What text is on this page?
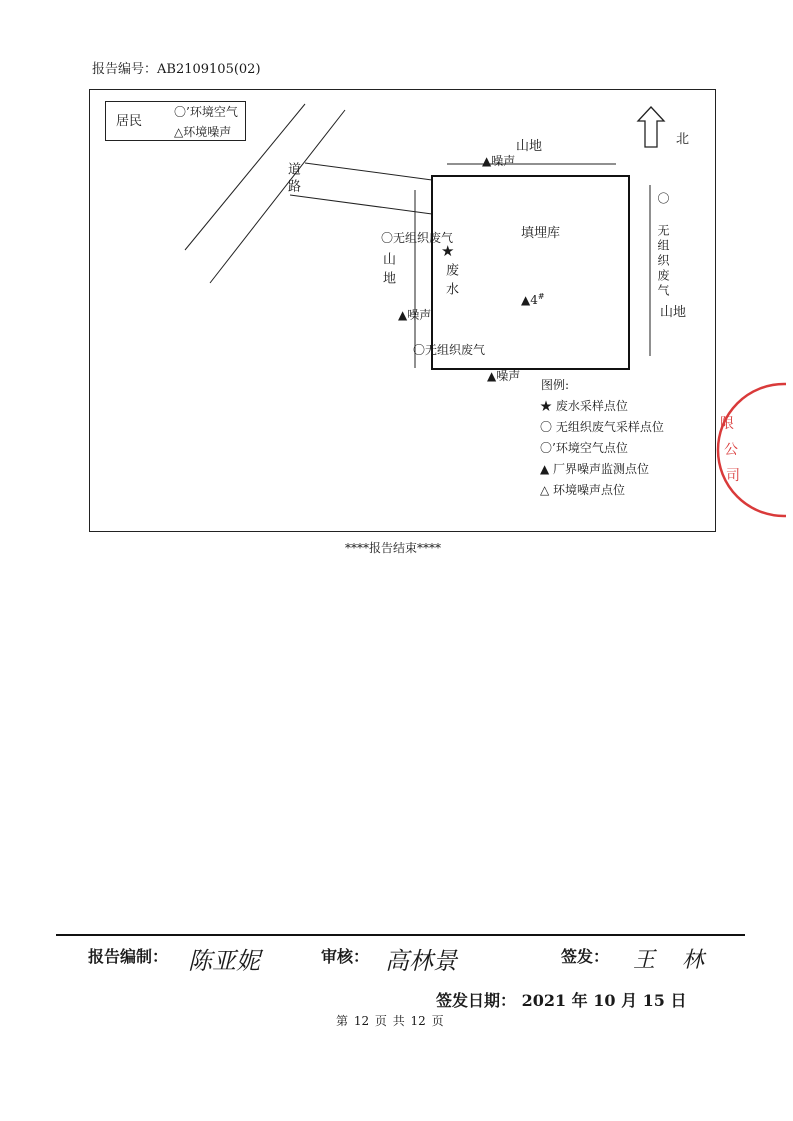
报告编号：AB2109105(02)
居民
〇’环境空气
△环境噪声	北
道路
山地
▲噪声
填埋库	〇 无组织废气
〇无组织废气
★
废水
山地
山地
▲4#
▲噪声
〇无组织废气
▲噪声
图例:
★ 废水采样点位
〇 无组织废气采样点位
〇’环境空气点位
▲ 厂界噪声监测点位
△ 环境噪声点位
限
公
司
****报告结束****
报告编制： 陈亚妮	审核： 高林景	签发： 王 林
签发日期： 2021 年 10 月 15 日
第 12 页 共 12 页
